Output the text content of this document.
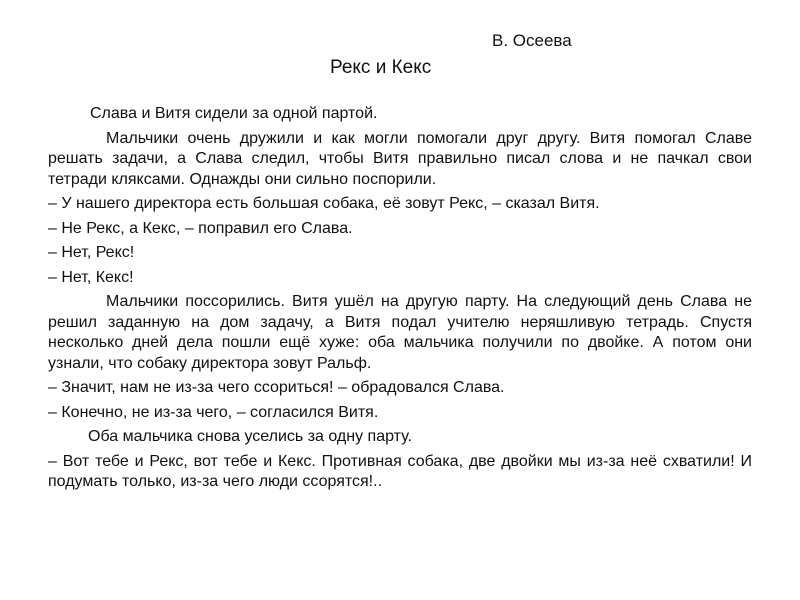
В. Осеева

Рекс и Кекс

Слава и Витя сидели за одной партой.

Мальчики очень дружили и как могли помогали друг другу. Витя помогал Славе решать задачи, а Слава следил, чтобы Витя правильно писал слова и не пачкал свои тетради кляксами. Однажды они сильно поспорили.

– У нашего директора есть большая собака, её зовут Рекс, – сказал Витя.

– Не Рекс, а Кекс, – поправил его Слава.

– Нет, Рекс!

– Нет, Кекс!

Мальчики поссорились. Витя ушёл на другую парту. На следующий день Слава не решил заданную на дом задачу, а Витя подал учителю неряшливую тетрадь. Спустя несколько дней дела пошли ещё хуже: оба мальчика получили по двойке. А потом они узнали, что собаку директора зовут Ральф.

– Значит, нам не из-за чего ссориться! – обрадовался Слава.

– Конечно, не из-за чего, – согласился Витя.

Оба мальчика снова уселись за одну парту.

– Вот тебе и Рекс, вот тебе и Кекс. Противная собака, две двойки мы из-за неё схватили! И подумать только, из-за чего люди ссорятся!..
